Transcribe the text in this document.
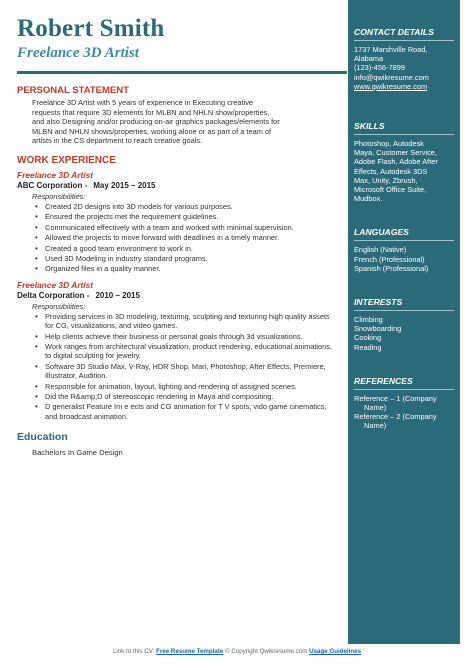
Robert Smith
Freelance 3D Artist
PERSONAL STATEMENT
Freelance 3D Artist with 5 years of experience in Executing creative
requests that require 3D elements for MLBN and NHLN show/properties,
and also Designing and/or producing on-air graphics packages/elements for
MLBN and NHLN shows/properties, working alone or as part of a team of
artists in the CS department to reach creative goals.
WORK EXPERIENCE
Freelance 3D Artist
ABC Corporation - May 2015 – 2015
Responsibilities:
• Created 2D designs into 3D models for various purposes.
• Ensured the projects met the requirement guidelines.
• Communicated effectively with a team and worked with minimal supervision.
• Allowed the projects to move forward with deadlines in a timely manner.
• Created a good team environment to work in.
• Used 3D Modeling in industry standard programs.
• Organized files in a quality manner.
Freelance 3D Artist
Delta Corporation - 2010 – 2015
Responsibilities:
• Providing services in 3D modeling, texturing, sculpting and texturing high quality assets for CG, visualizations, and video games.
• Help clients achieve their business or personal goals through 3d visualizations.
• Work ranges from architectural visualization, product rendering, educational animations, to digital sculpting for jewelry.
• Software 3D Studio Max, V-Ray, HDR Shop, Mari, Photoshop, After Effects, Premiere, Illustrator, Audition.
• Responsible for animation, layout, lighting and rendering of assigned scenes.
• Did the R&amp;D of stereoscopic rendering in Maya and compositing.
• D generalist Feature Im e ects and CG animation for T V spots, vido game cinematics, and broadcast animation.
Education
Bachelors In Game Design
CONTACT DETAILS
1737 Marshville Road,
Alabama
(123)-456-7899
info@qwikresume.com
www.qwikresume.com
SKILLS
Photoshop, Autodesk
Maya, Customer Service,
Adobe Flash, Adobe After
Effects, Autodesk 3DS
Max, Unity, Zbrush,
Microsoft Office Suite,
Mudbox.
LANGUAGES
English (Native)
French (Professional)
Spanish (Professional)
INTERESTS
Climbing
Snowboarding
Cooking
Reading
REFERENCES
Reference – 1 (Company
Name)
Reference – 2 (Company
Name)
Link to this CV: Free Resume Template © Copyright Qwikresume.com Usage Guidelines
